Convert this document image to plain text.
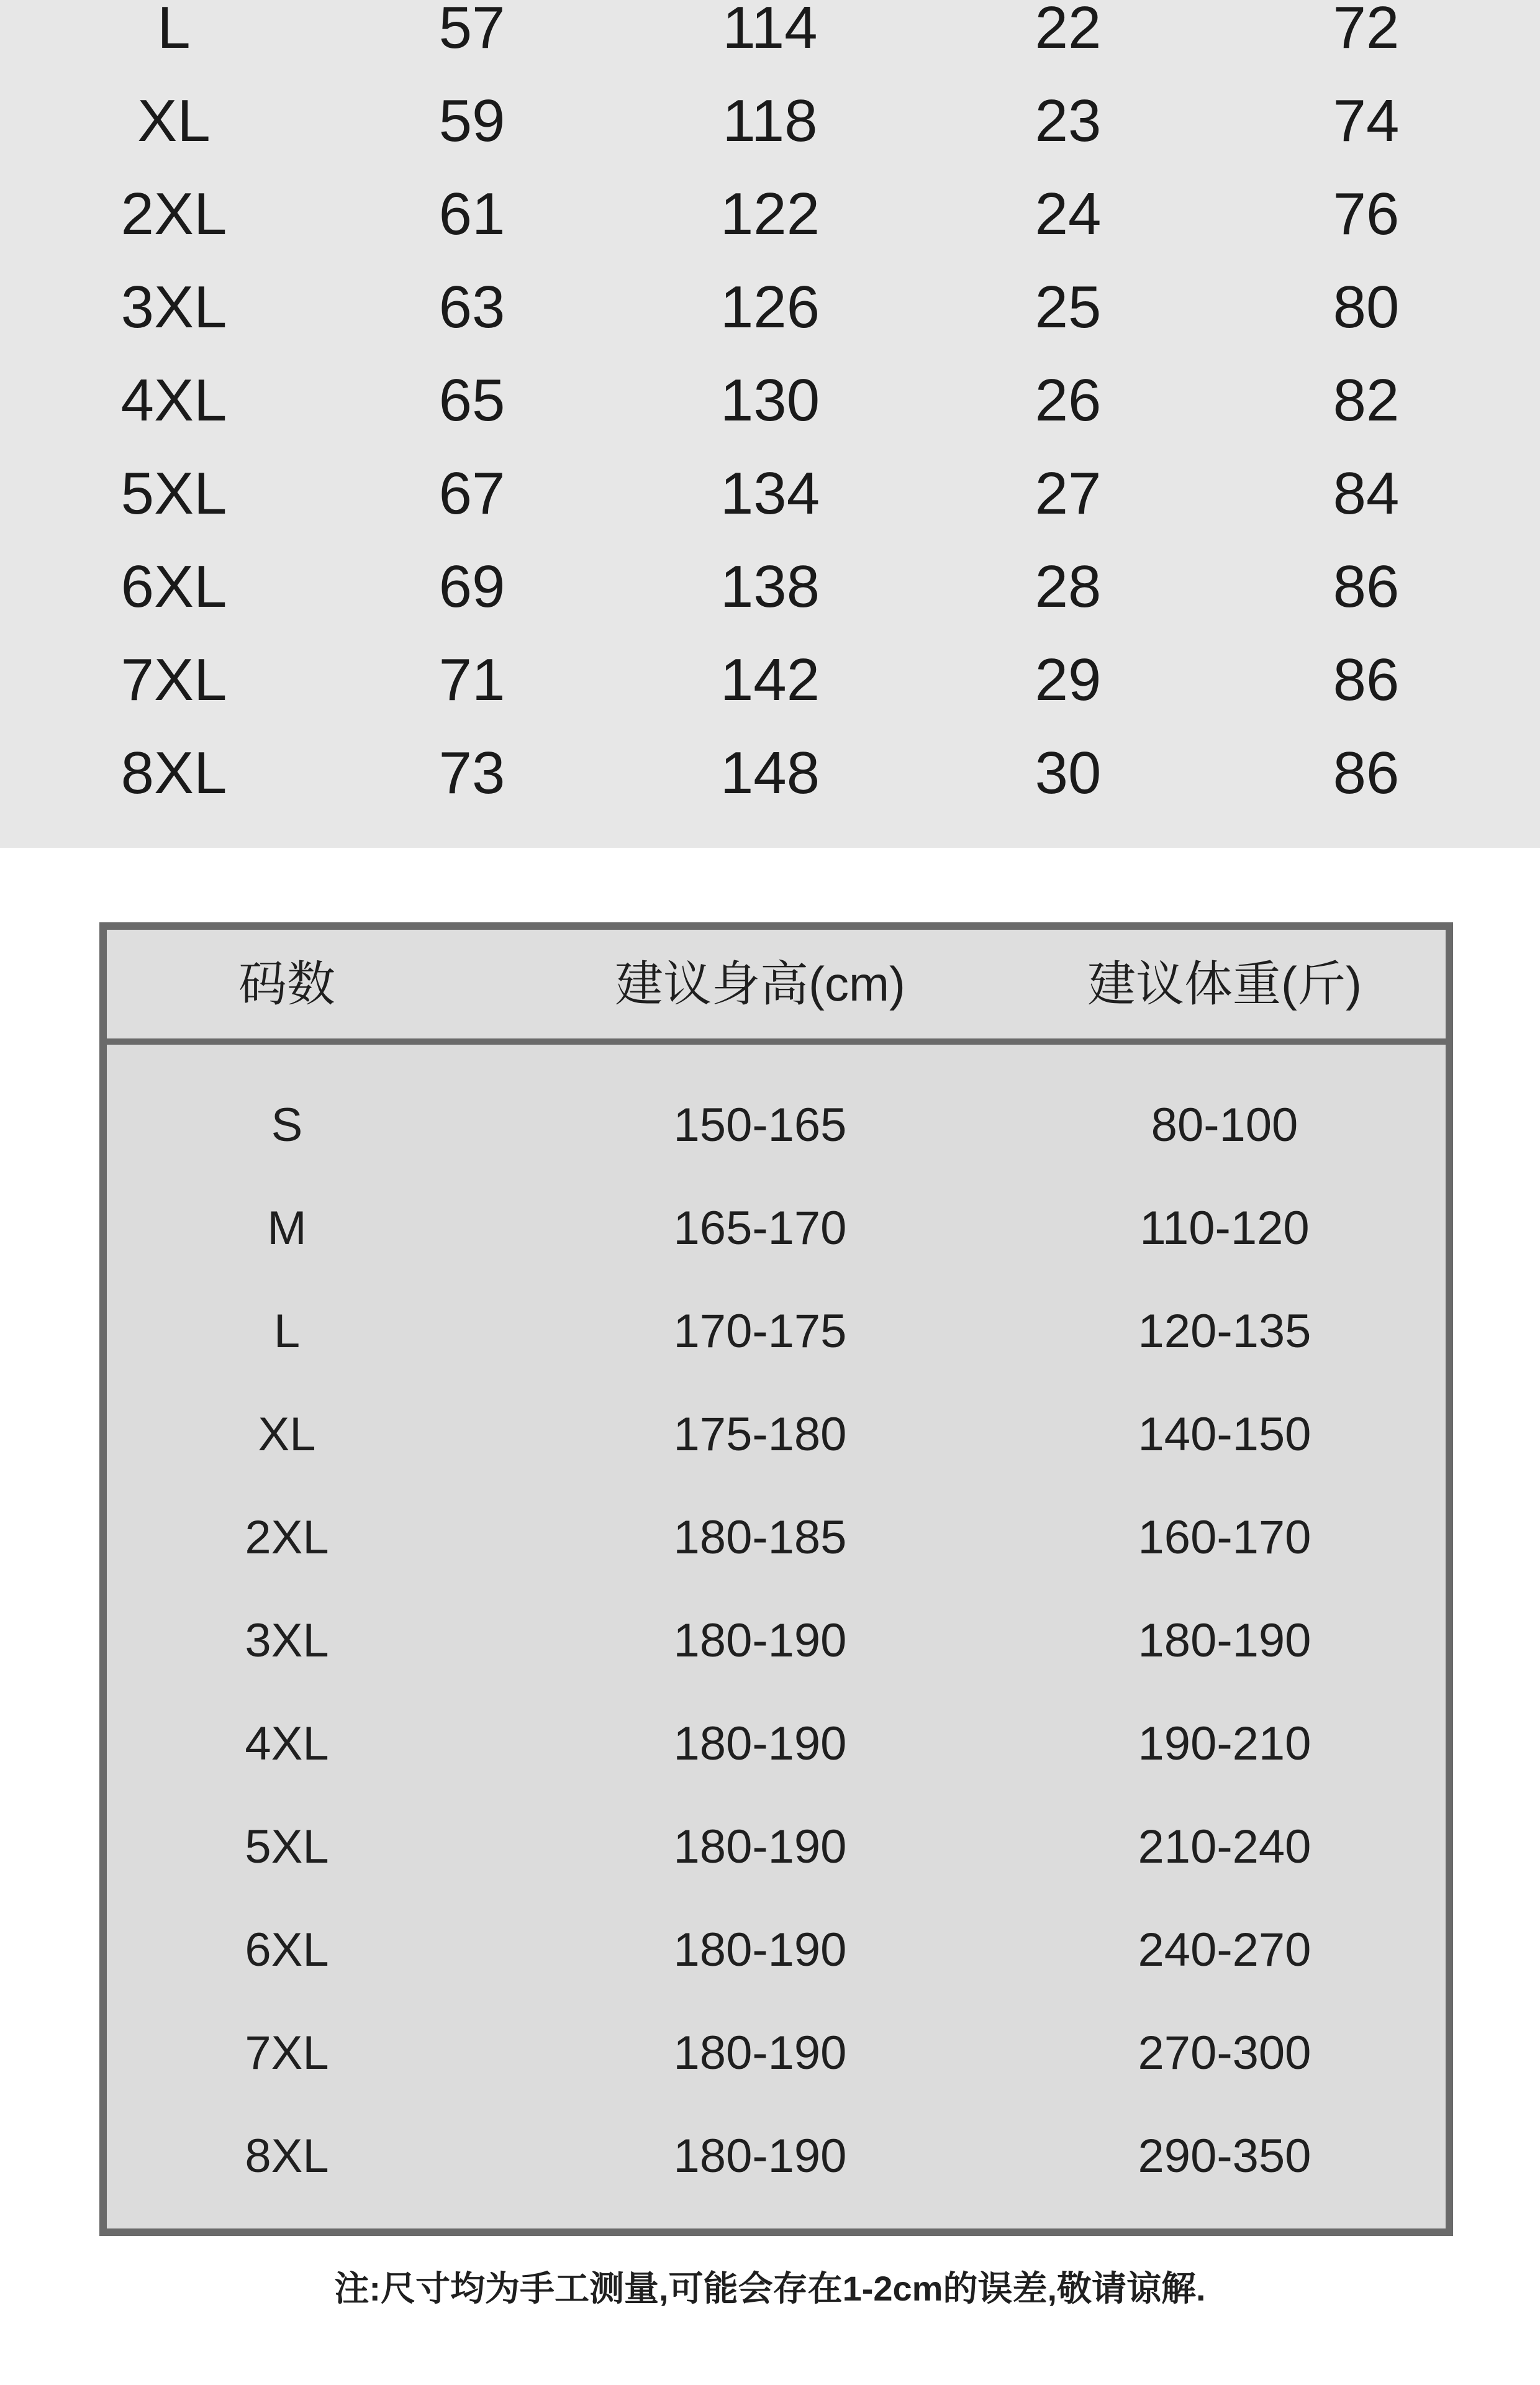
L	57	114	22	72
XL	59	118	23	74
2XL	61	122	24	76
3XL	63	126	25	80
4XL	65	130	26	82
5XL	67	134	27	84
6XL	69	138	28	86
7XL	71	142	29	86
8XL	73	148	30	86
码数	建议身高(cm)	建议体重(斤)
S	150-165	80-100
M	165-170	110-120
L	170-175	120-135
XL	175-180	140-150
2XL	180-185	160-170
3XL	180-190	180-190
4XL	180-190	190-210
5XL	180-190	210-240
6XL	180-190	240-270
7XL	180-190	270-300
8XL	180-190	290-350
注:尺寸均为手工测量,可能会存在1-2cm的误差,敬请谅解.
